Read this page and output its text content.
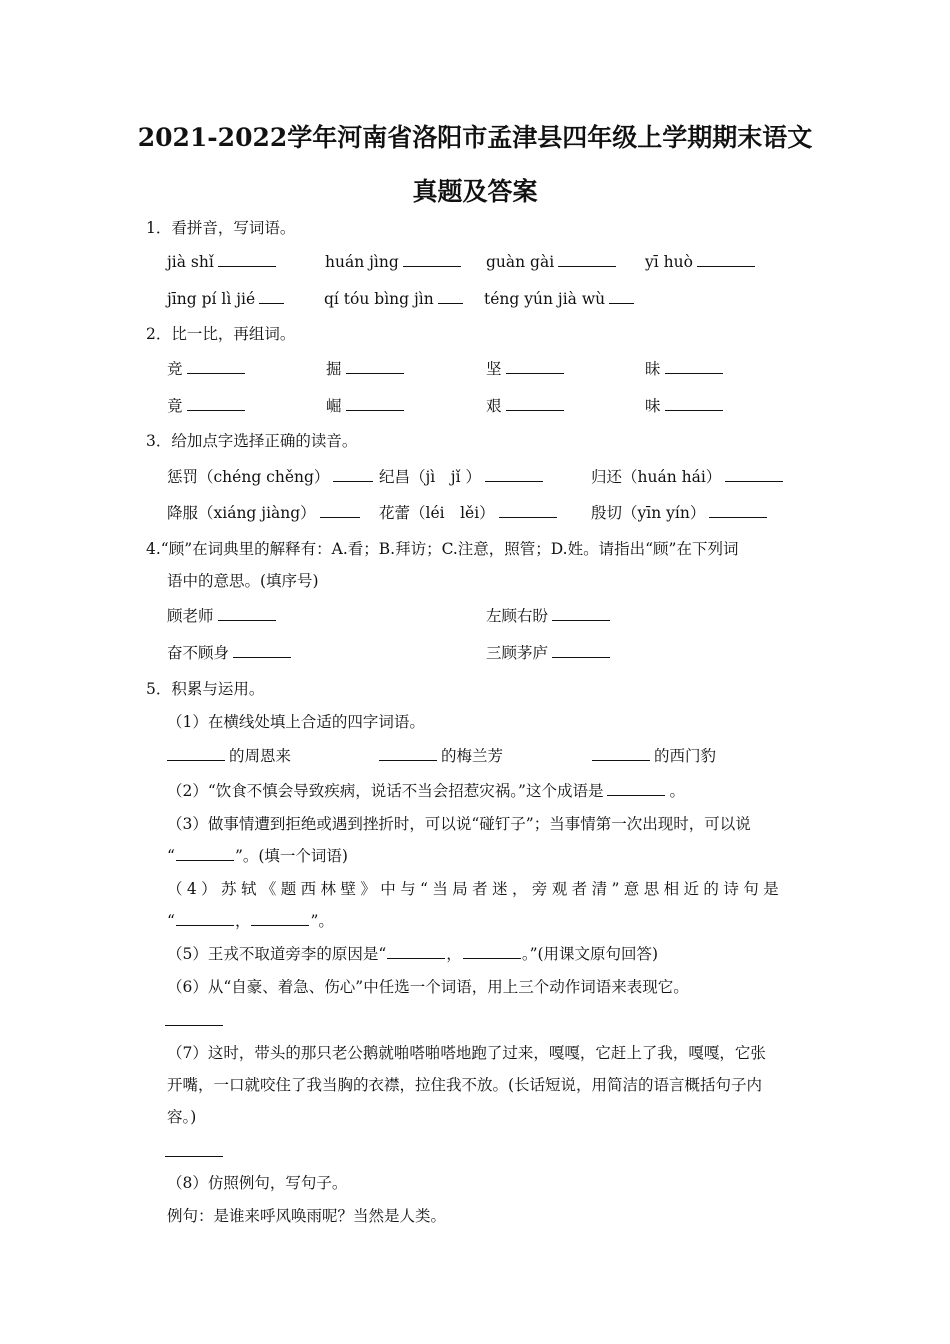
2021-2022学年河南省洛阳市孟津县四年级上学期期末语文
真题及答案
1．看拼音，写词语。
jià shǐ	huán jìng	guàn gài	yī huò
jīng pí lì jié	qí tóu bìng jìn	téng yún jià wù
2．比一比，再组词。
竞	掘	坚	昧
竟	崛	艰	味
3．给加点字选择正确的读音。
惩罚（chéng chěng）	纪昌（jì　jǐ ）	归还（huán hái）
降服（xiáng jiàng）	花蕾（léi　lěi）	殷切（yīn yín）
4.“顾”在词典里的解释有：A.看；B.拜访；C.注意，照管；D.姓。请指出“顾”在下列词
语中的意思。(填序号)
顾老师	左顾右盼
奋不顾身	三顾茅庐
5．积累与运用。
（1）在横线处填上合适的四字词语。
的周恩来	的梅兰芳	的西门豹
（2）“饮食不慎会导致疾病，说话不当会招惹灾祸。”这个成语是	。
（3）做事情遭到拒绝或遇到挫折时，可以说“碰钉子”；当事情第一次出现时，可以说
“	”。(填一个词语)
（4）苏轼《题西林壁》中与“当局者迷，旁观者清”意思相近的诗句是
“	，	”。
（5）王戎不取道旁李的原因是“	，	。”(用课文原句回答)
（6）从“自豪、着急、伤心”中任选一个词语，用上三个动作词语来表现它。
（7）这时，带头的那只老公鹅就啪嗒啪嗒地跑了过来，嘎嘎，它赶上了我，嘎嘎，它张
开嘴，一口就咬住了我当胸的衣襟，拉住我不放。(长话短说，用简洁的语言概括句子内
容。)
（8）仿照例句，写句子。
例句：是谁来呼风唤雨呢？当然是人类。
